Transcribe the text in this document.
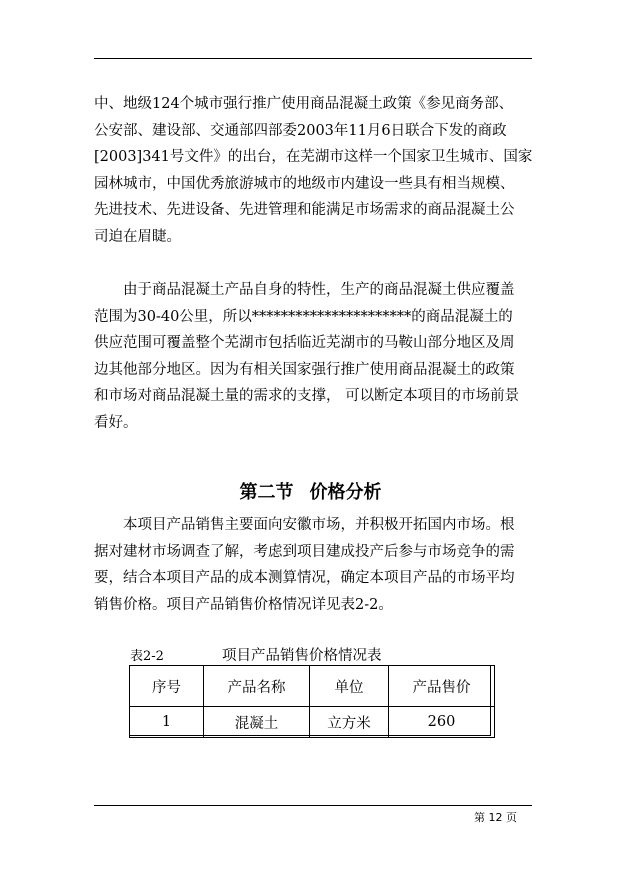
中、地级124个城市强行推广使用商品混凝土政策《参见商务部、
公安部、建设部、交通部四部委2003年11月6日联合下发的商政
[2003]341号文件》的出台，在芜湖市这样一个国家卫生城市、国家
园林城市，中国优秀旅游城市的地级市内建设一些具有相当规模、
先进技术、先进设备、先进管理和能满足市场需求的商品混凝土公
司迫在眉睫。
　　由于商品混凝土产品自身的特性，生产的商品混凝土供应覆盖
范围为30-40公里，所以**********************的商品混凝土的
供应范围可覆盖整个芜湖市包括临近芜湖市的马鞍山部分地区及周
边其他部分地区。因为有相关国家强行推广使用商品混凝土的政策
和市场对商品混凝土量的需求的支撑， 可以断定本项目的市场前景
看好。
第二节 价格分析
　　本项目产品销售主要面向安徽市场，并积极开拓国内市场。根
据对建材市场调查了解，考虑到项目建成投产后参与市场竞争的需
要，结合本项目产品的成本测算情况，确定本项目产品的市场平均
销售价格。项目产品销售价格情况详见表2-2。
表2-2	项目产品销售价格情况表
序号	产品名称	单位	产品售价
1	混凝土	立方米	260
第 12 页
